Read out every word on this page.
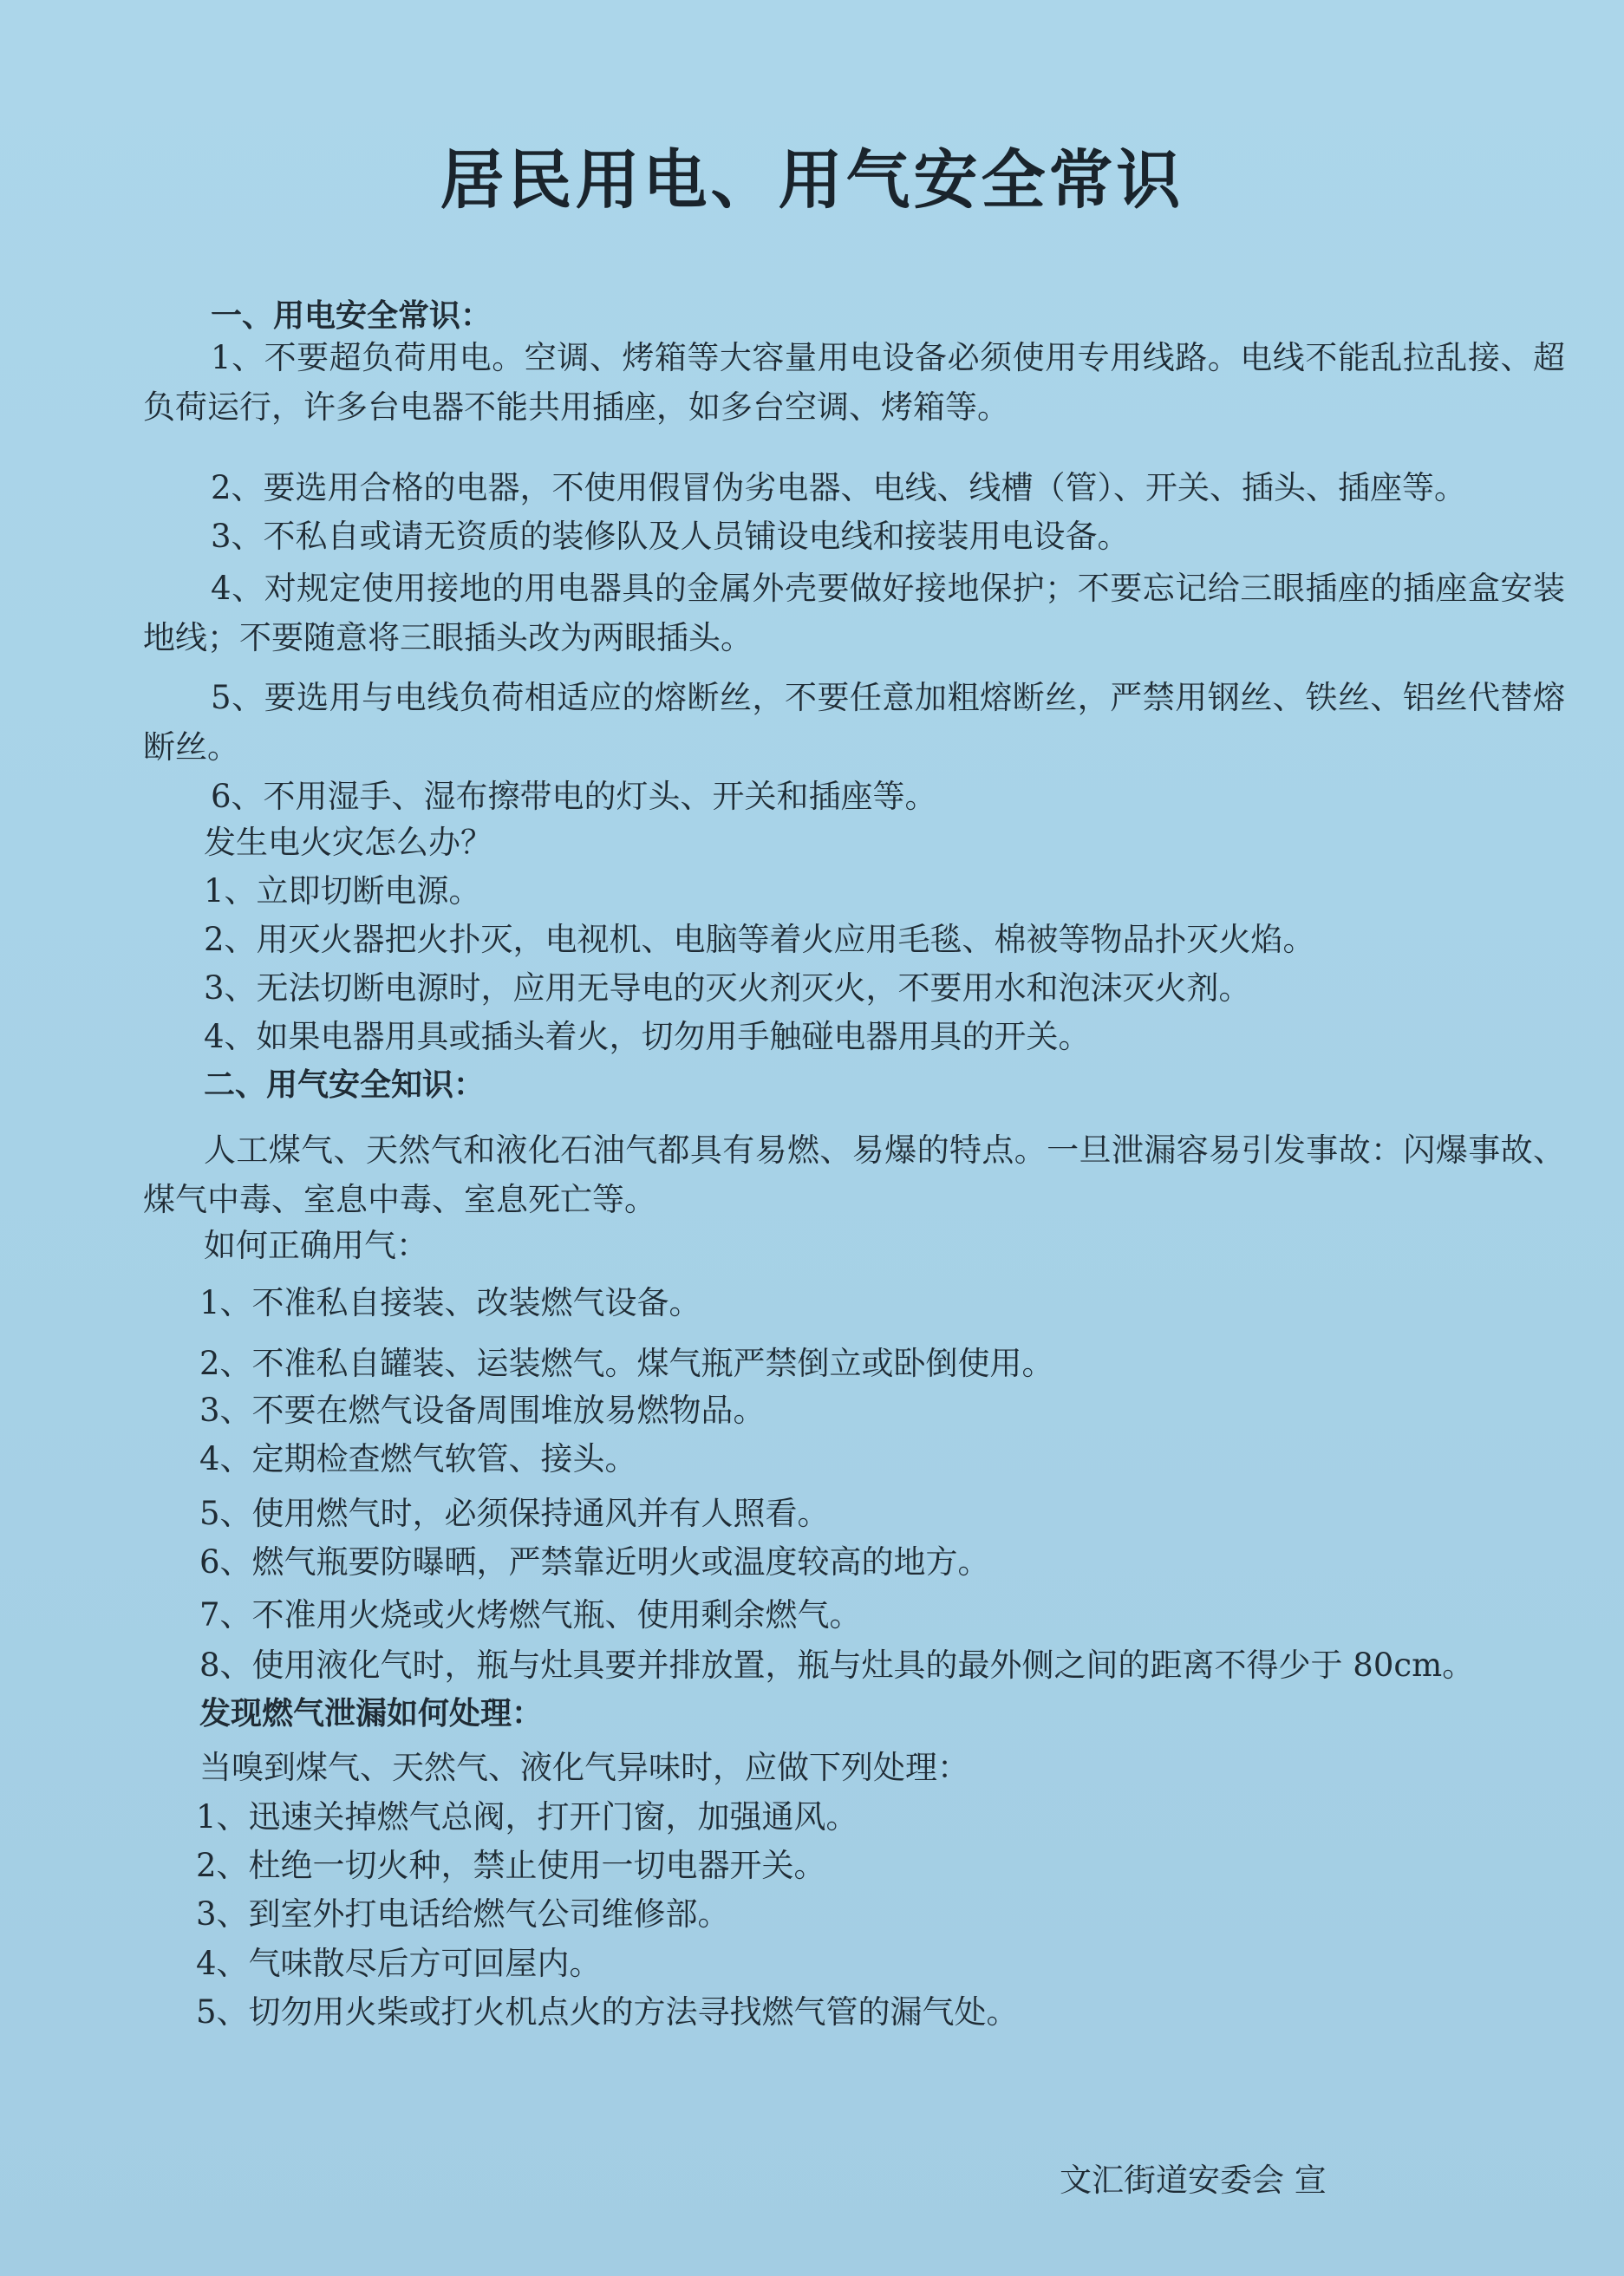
居民用电、用气安全常识
一、用电安全常识：
1、不要超负荷用电。空调、烤箱等大容量用电设备必须使用专用线路。电线不能乱拉乱接、超负荷运行，许多台电器不能共用插座，如多台空调、烤箱等。
2、要选用合格的电器，不使用假冒伪劣电器、电线、线槽（管）、开关、插头、插座等。
3、不私自或请无资质的装修队及人员铺设电线和接装用电设备。
4、对规定使用接地的用电器具的金属外壳要做好接地保护；不要忘记给三眼插座的插座盒安装地线；不要随意将三眼插头改为两眼插头。
5、要选用与电线负荷相适应的熔断丝，不要任意加粗熔断丝，严禁用钢丝、铁丝、铝丝代替熔断丝。
6、不用湿手、湿布擦带电的灯头、开关和插座等。
发生电火灾怎么办？
1、立即切断电源。
2、用灭火器把火扑灭，电视机、电脑等着火应用毛毯、棉被等物品扑灭火焰。
3、无法切断电源时，应用无导电的灭火剂灭火，不要用水和泡沫灭火剂。
4、如果电器用具或插头着火，切勿用手触碰电器用具的开关。
二、用气安全知识：
人工煤气、天然气和液化石油气都具有易燃、易爆的特点。一旦泄漏容易引发事故：闪爆事故、煤气中毒、室息中毒、室息死亡等。
如何正确用气：
1、不准私自接装、改装燃气设备。
2、不准私自罐装、运装燃气。煤气瓶严禁倒立或卧倒使用。
3、不要在燃气设备周围堆放易燃物品。
4、定期检查燃气软管、接头。
5、使用燃气时，必须保持通风并有人照看。
6、燃气瓶要防曝晒，严禁靠近明火或温度较高的地方。
7、不准用火烧或火烤燃气瓶、使用剩余燃气。
8、使用液化气时，瓶与灶具要并排放置，瓶与灶具的最外侧之间的距离不得少于 80cm。
发现燃气泄漏如何处理：
当嗅到煤气、天然气、液化气异味时，应做下列处理：
1、迅速关掉燃气总阀，打开门窗，加强通风。
2、杜绝一切火种，禁止使用一切电器开关。
3、到室外打电话给燃气公司维修部。
4、气味散尽后方可回屋内。
5、切勿用火柴或打火机点火的方法寻找燃气管的漏气处。
文汇街道安委会 宣
